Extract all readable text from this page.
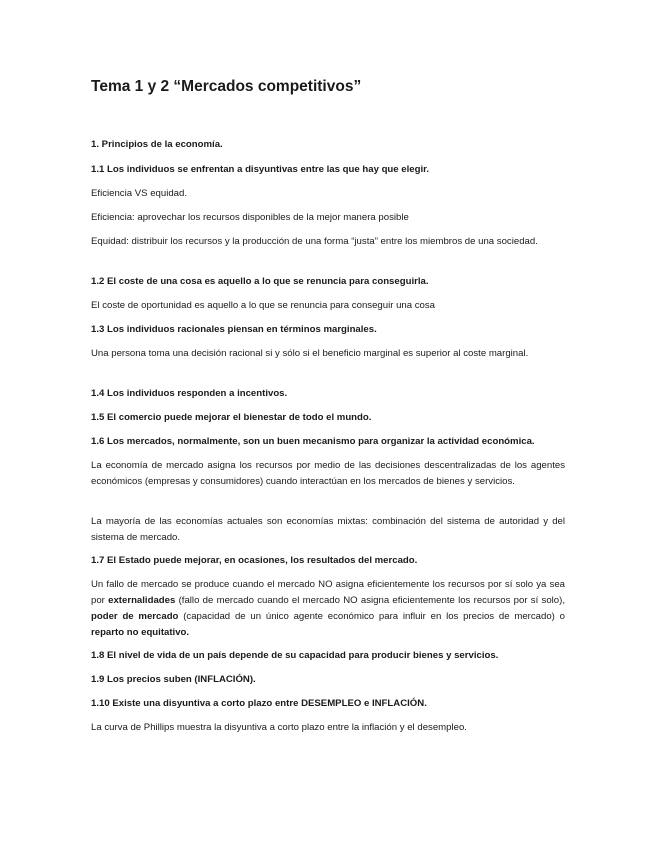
Tema 1 y 2 “Mercados competitivos”

1. Principios de la economía.

1.1 Los individuos se enfrentan a disyuntivas entre las que hay que elegir.

Eficiencia VS equidad.

Eficiencia: aprovechar los recursos disponibles de la mejor manera posible

Equidad: distribuir los recursos y la producción de una forma “justa” entre los miembros de una sociedad.

1.2 El coste de una cosa es aquello a lo que se renuncia para conseguirla.

El coste de oportunidad es aquello a lo que se renuncia para conseguir una cosa

1.3 Los individuos racionales piensan en términos marginales.

Una persona toma una decisión racional si y sólo si el beneficio marginal es superior al coste marginal.

1.4 Los individuos responden a incentivos.

1.5 El comercio puede mejorar el bienestar de todo el mundo.

1.6 Los mercados, normalmente, son un buen mecanismo para organizar la actividad económica.

La economía de mercado asigna los recursos por medio de las decisiones descentralizadas de los agentes económicos (empresas y consumidores) cuando interactúan en los mercados de bienes y servicios.

La mayoría de las economías actuales son economías mixtas: combinación del sistema de autoridad y del sistema de mercado.

1.7 El Estado puede mejorar, en ocasiones, los resultados del mercado.

Un fallo de mercado se produce cuando el mercado NO asigna eficientemente los recursos por sí solo ya sea por externalidades (fallo de mercado cuando el mercado NO asigna eficientemente los recursos por sí solo), poder de mercado (capacidad de un único agente económico para influir en los precios de mercado) o reparto no equitativo.

1.8 El nivel de vida de un país depende de su capacidad para producir bienes y servicios.

1.9 Los precios suben (INFLACIÓN).

1.10 Existe una disyuntiva a corto plazo entre DESEMPLEO e INFLACIÓN.

La curva de Phillips muestra la disyuntiva a corto plazo entre la inflación y el desempleo.
